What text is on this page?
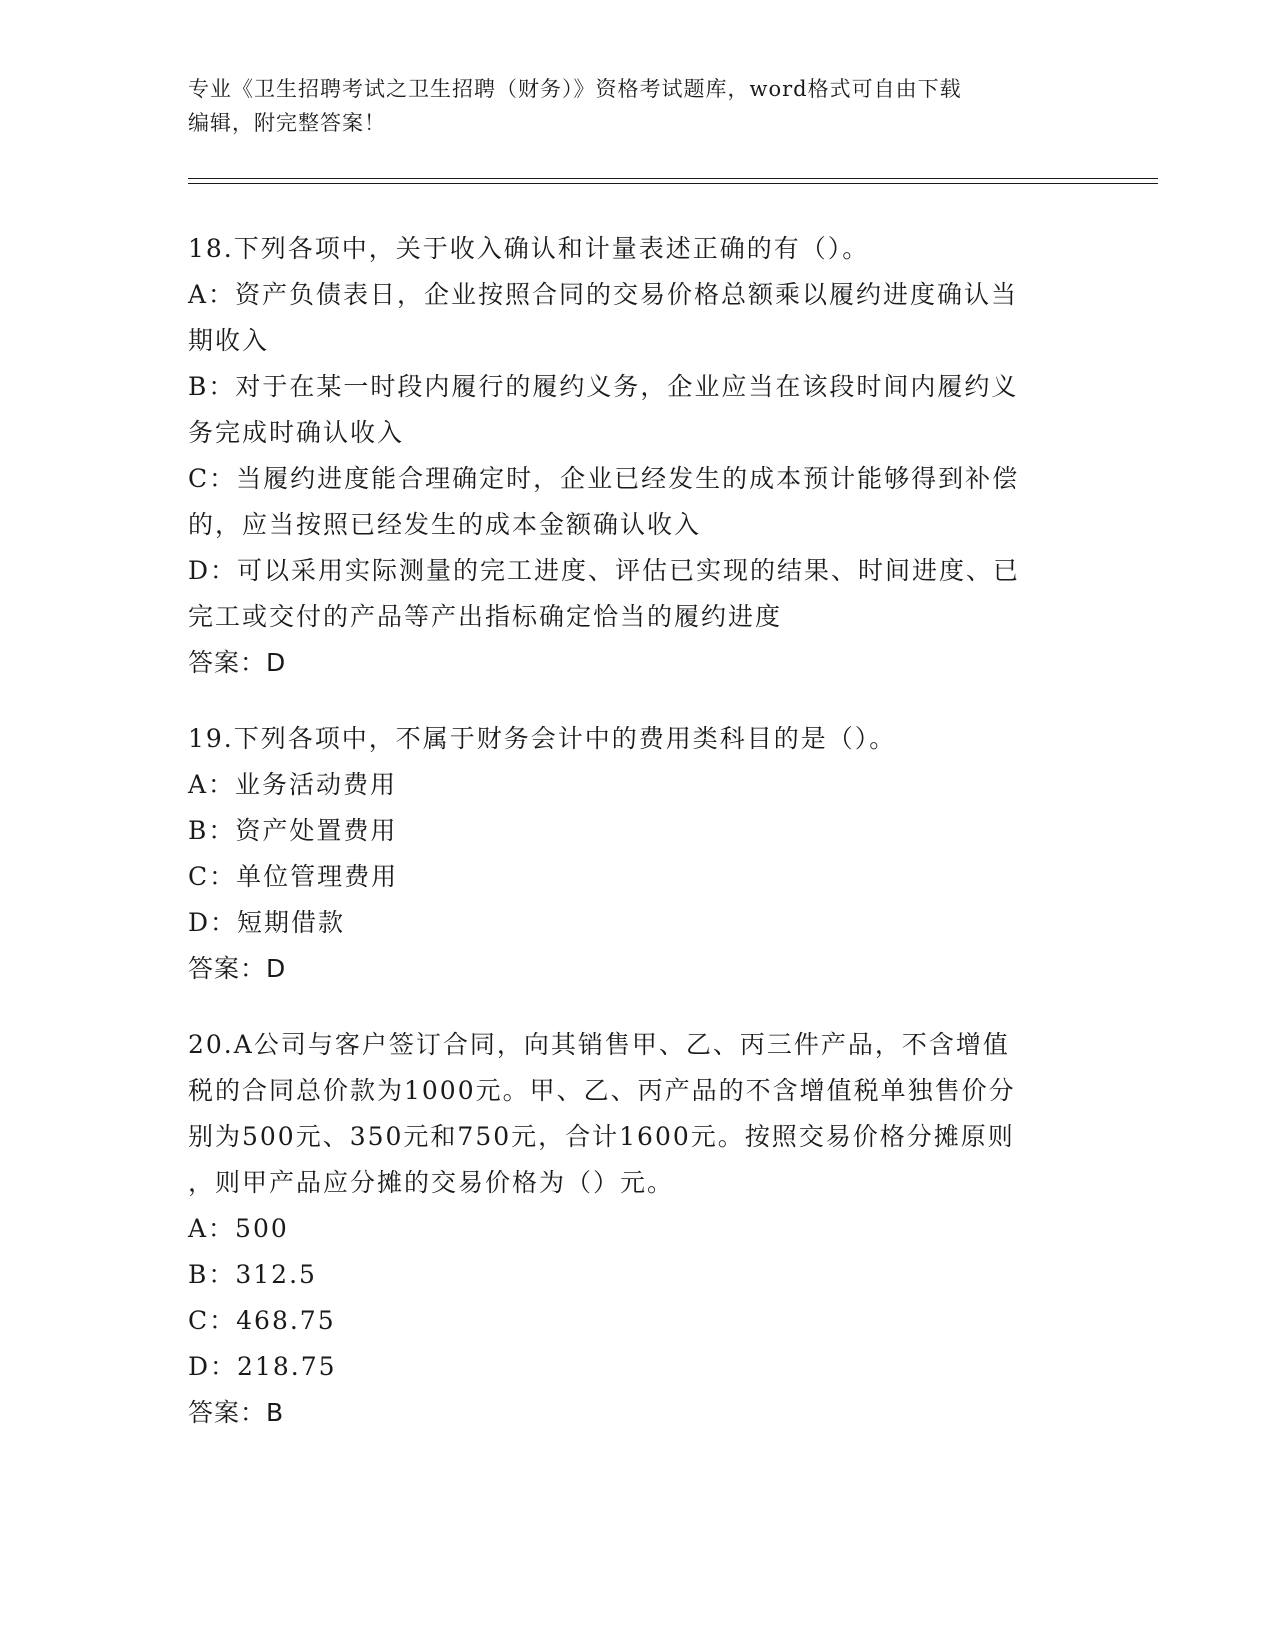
专业《卫生招聘考试之卫生招聘（财务）》资格考试题库，word格式可自由下载
编辑，附完整答案！
18.下列各项中，关于收入确认和计量表述正确的有（）。
A：资产负债表日，企业按照合同的交易价格总额乘以履约进度确认当
期收入
B：对于在某一时段内履行的履约义务，企业应当在该段时间内履约义
务完成时确认收入
C：当履约进度能合理确定时，企业已经发生的成本预计能够得到补偿
的，应当按照已经发生的成本金额确认收入
D：可以采用实际测量的完工进度、评估已实现的结果、时间进度、已
完工或交付的产品等产出指标确定恰当的履约进度
答案：D
19.下列各项中，不属于财务会计中的费用类科目的是（）。
A：业务活动费用
B：资产处置费用
C：单位管理费用
D：短期借款
答案：D
20.A公司与客户签订合同，向其销售甲、乙、丙三件产品，不含增值
税的合同总价款为1000元。甲、乙、丙产品的不含增值税单独售价分
别为500元、350元和750元，合计1600元。按照交易价格分摊原则
，则甲产品应分摊的交易价格为（）元。
A：500
B：312.5
C：468.75
D：218.75
答案：B
